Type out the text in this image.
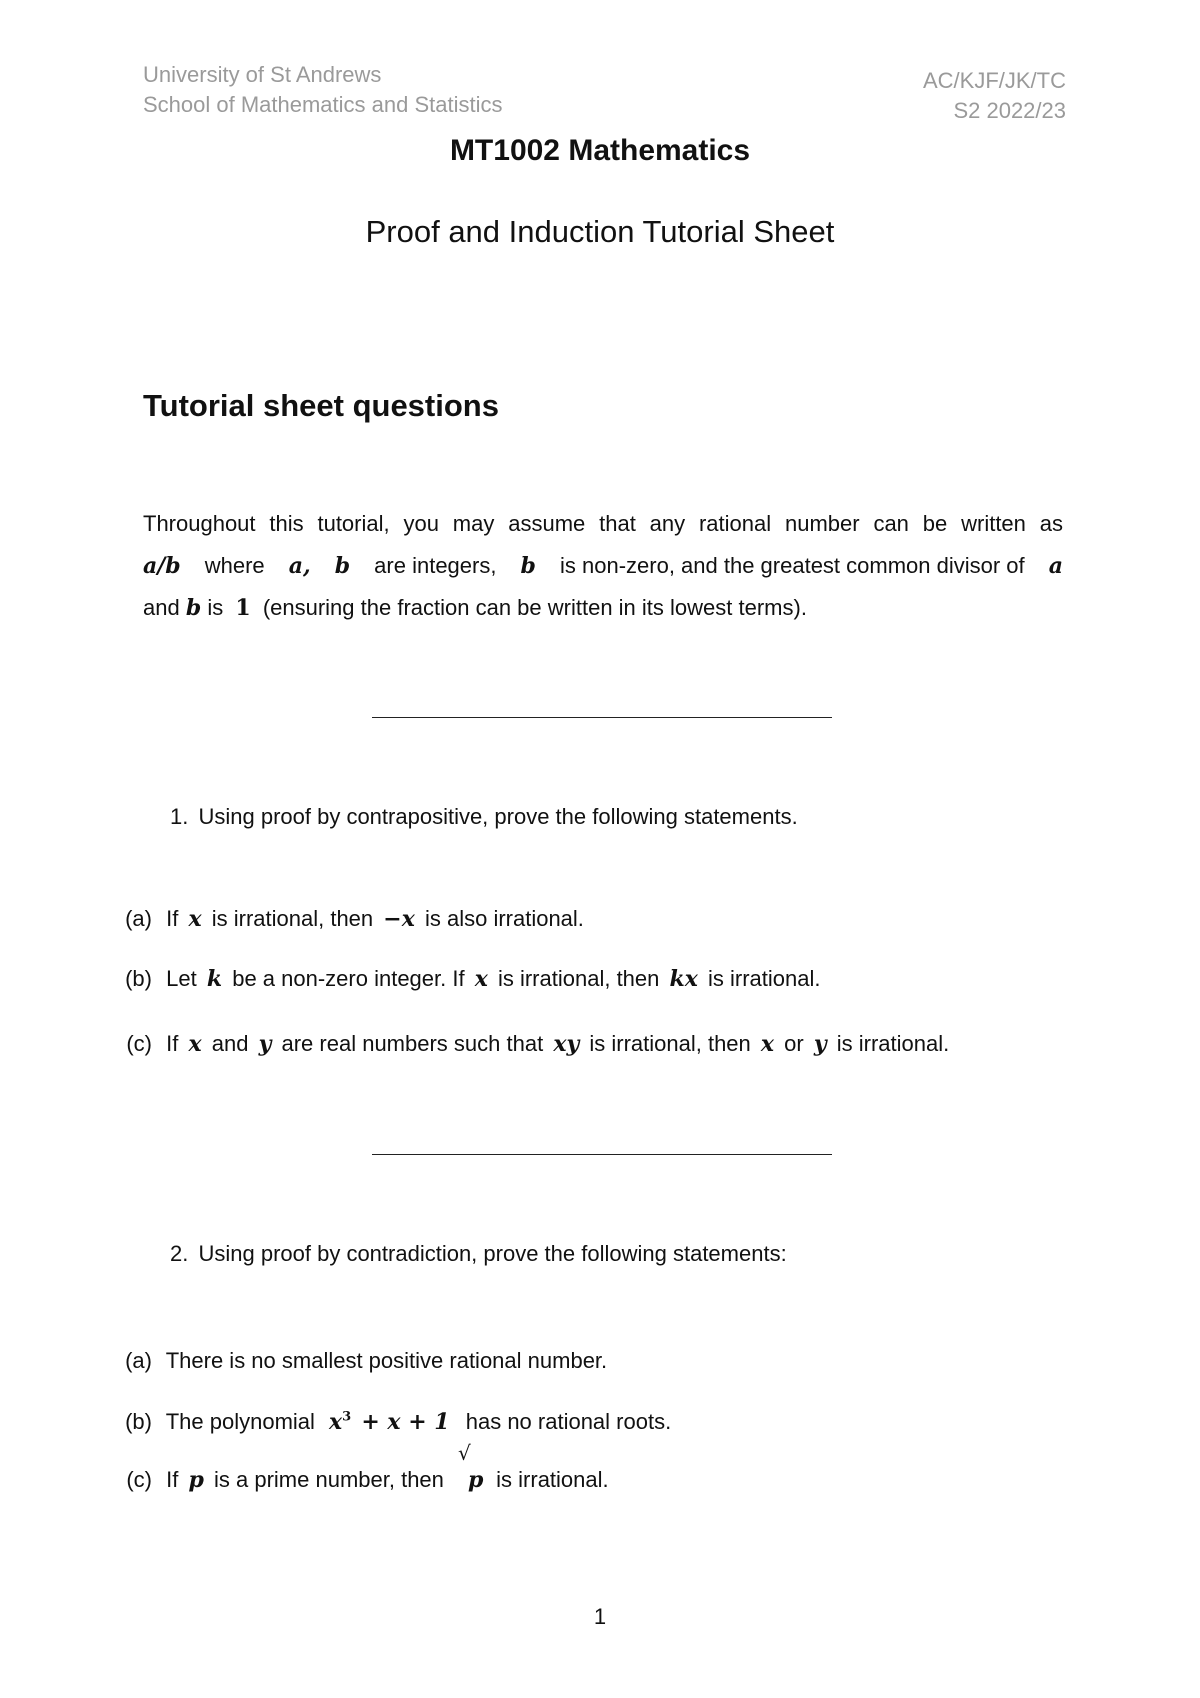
University of St Andrews
School of Mathematics and Statistics
AC/KJF/JK/TC
S2 2022/23
MT1002 Mathematics
Proof and Induction Tutorial Sheet
Tutorial sheet questions
Throughout this tutorial, you may assume that any rational number can be written as
a/b where a, b are integers, b is non-zero, and the greatest common divisor of a
and b is 1 (ensuring the fraction can be written in its lowest terms).
1. Using proof by contrapositive, prove the following statements.
(a) If x is irrational, then −x is also irrational.
(b) Let k be a non-zero integer. If x is irrational, then kx is irrational.
(c) If x and y are real numbers such that xy is irrational, then x or y is irrational.
2. Using proof by contradiction, prove the following statements:
(a) There is no smallest positive rational number.
(b) The polynomial $x^3 + x + 1$ has no rational roots.
(c) If p is a prime number, then
√
p is irrational.
1
